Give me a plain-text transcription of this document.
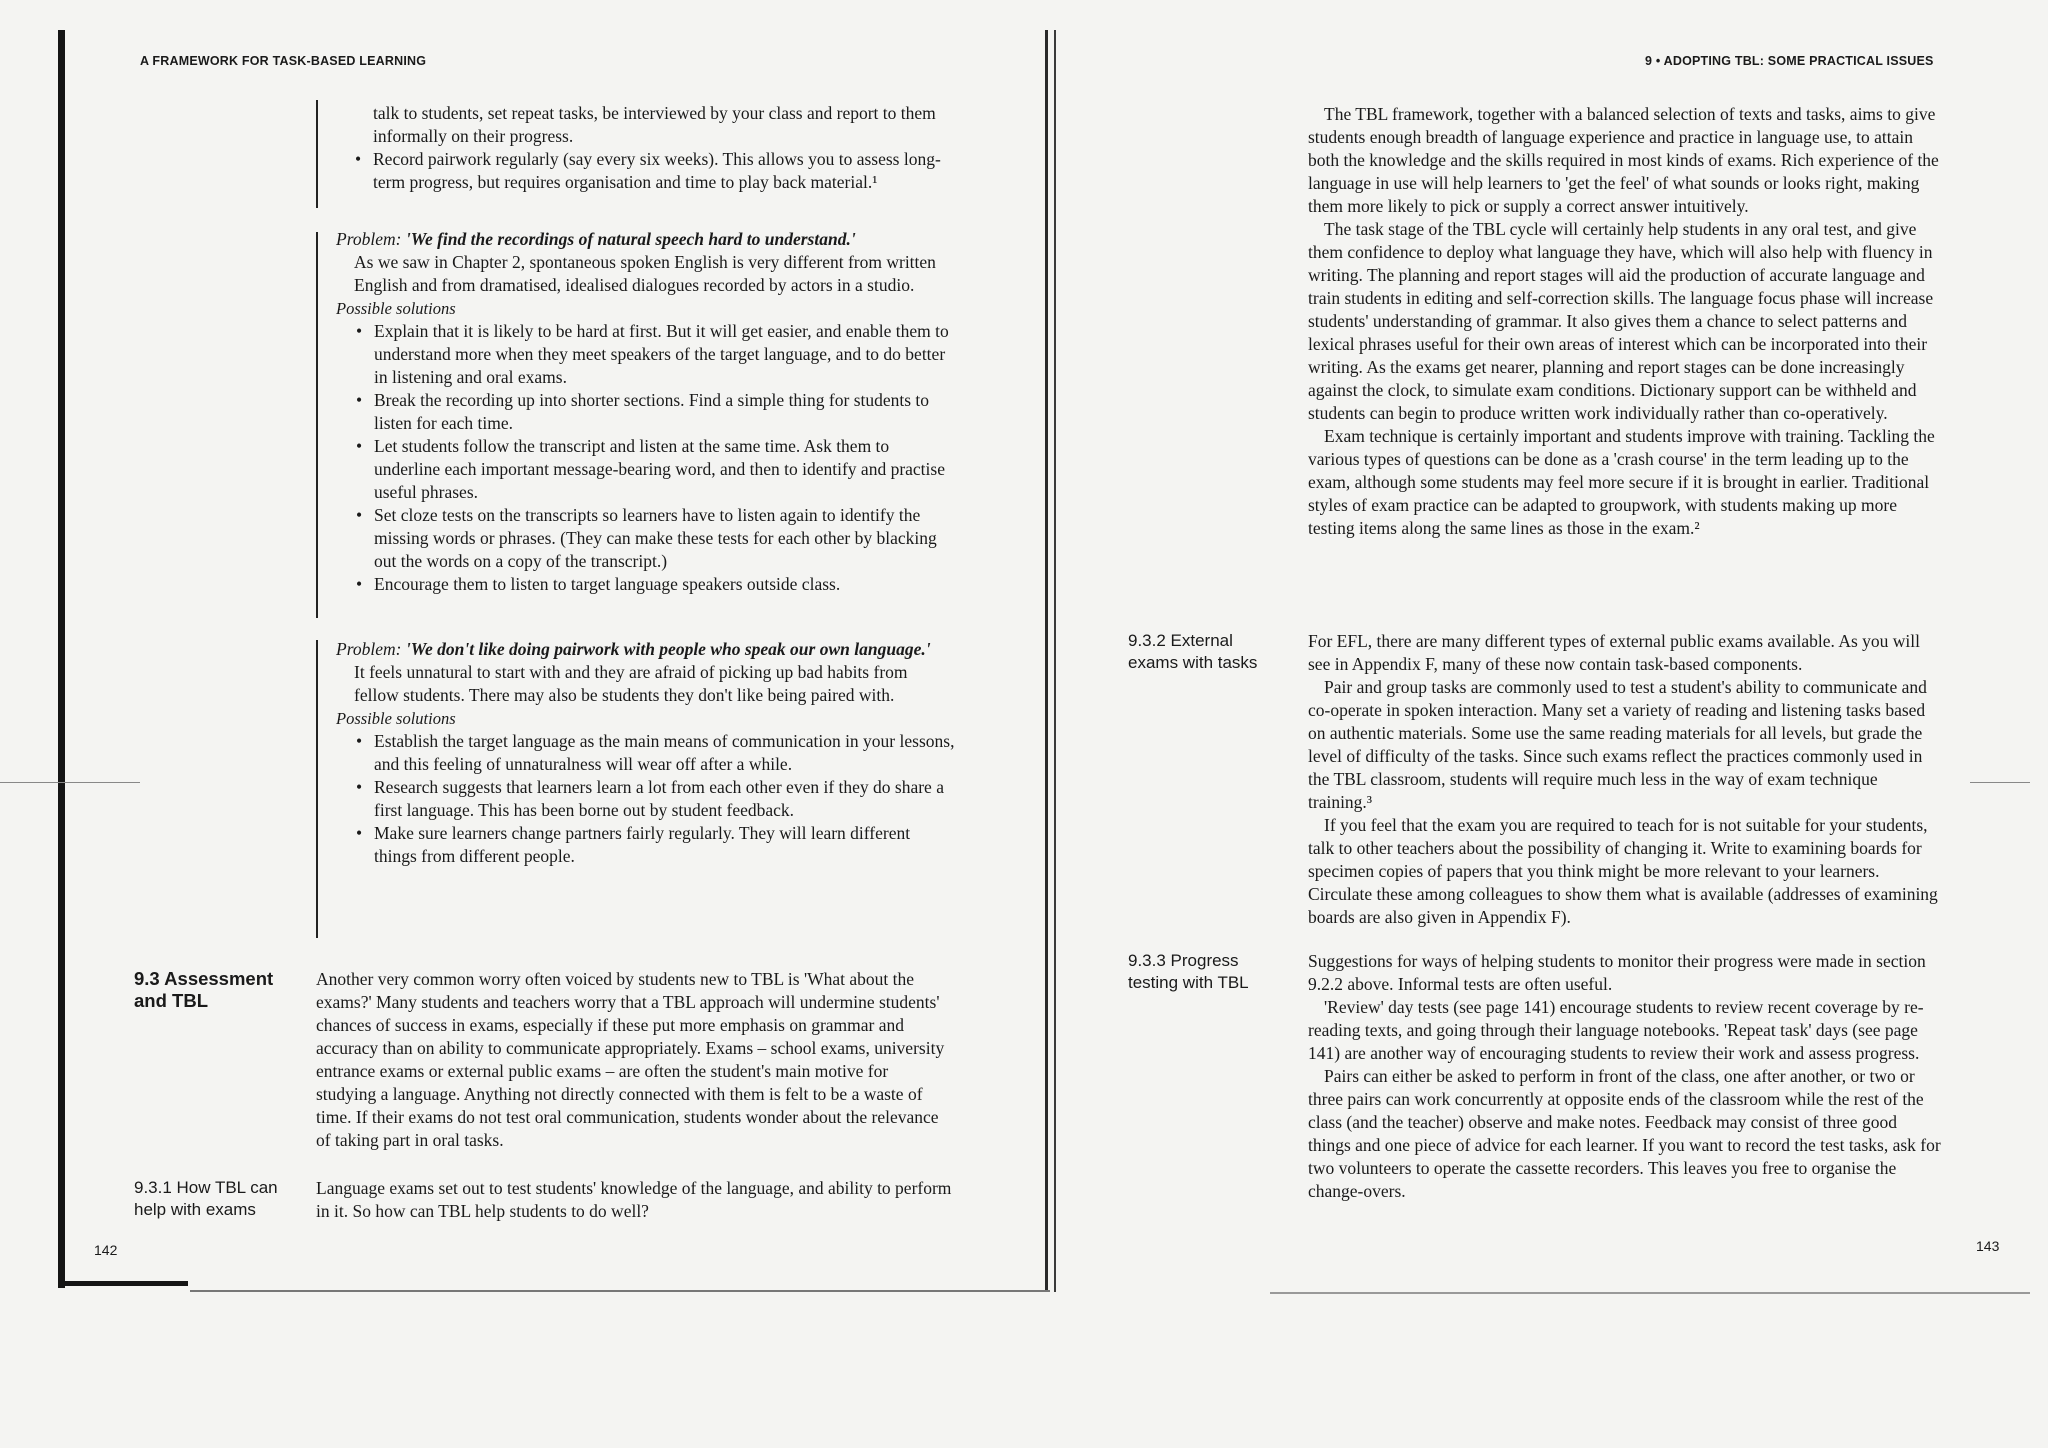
A FRAMEWORK FOR TASK-BASED LEARNING

talk to students, set repeat tasks, be interviewed by your class and report to them informally on their progress.

• Record pairwork regularly (say every six weeks). This allows you to assess long-term progress, but requires organisation and time to play back material.¹

Problem: 'We find the recordings of natural speech hard to understand.'

As we saw in Chapter 2, spontaneous spoken English is very different from written English and from dramatised, idealised dialogues recorded by actors in a studio.

Possible solutions

• Explain that it is likely to be hard at first. But it will get easier, and enable them to understand more when they meet speakers of the target language, and to do better in listening and oral exams.
• Break the recording up into shorter sections. Find a simple thing for students to listen for each time.
• Let students follow the transcript and listen at the same time. Ask them to underline each important message-bearing word, and then to identify and practise useful phrases.
• Set cloze tests on the transcripts so learners have to listen again to identify the missing words or phrases. (They can make these tests for each other by blacking out the words on a copy of the transcript.)
• Encourage them to listen to target language speakers outside class.

Problem: 'We don't like doing pairwork with people who speak our own language.'

It feels unnatural to start with and they are afraid of picking up bad habits from fellow students. There may also be students they don't like being paired with.

Possible solutions

• Establish the target language as the main means of communication in your lessons, and this feeling of unnaturalness will wear off after a while.
• Research suggests that learners learn a lot from each other even if they do share a first language. This has been borne out by student feedback.
• Make sure learners change partners fairly regularly. They will learn different things from different people.
9.3 Assessment and TBL
Another very common worry often voiced by students new to TBL is 'What about the exams?' Many students and teachers worry that a TBL approach will undermine students' chances of success in exams, especially if these put more emphasis on grammar and accuracy than on ability to communicate appropriately. Exams – school exams, university entrance exams or external public exams – are often the student's main motive for studying a language. Anything not directly connected with them is felt to be a waste of time. If their exams do not test oral communication, students wonder about the relevance of taking part in oral tasks.
9.3.1 How TBL can help with exams
Language exams set out to test students' knowledge of the language, and ability to perform in it. So how can TBL help students to do well?
142
9 • ADOPTING TBL: SOME PRACTICAL ISSUES

The TBL framework, together with a balanced selection of texts and tasks, aims to give students enough breadth of language experience and practice in language use, to attain both the knowledge and the skills required in most kinds of exams. Rich experience of the language in use will help learners to 'get the feel' of what sounds or looks right, making them more likely to pick or supply a correct answer intuitively.

The task stage of the TBL cycle will certainly help students in any oral test, and give them confidence to deploy what language they have, which will also help with fluency in writing. The planning and report stages will aid the production of accurate language and train students in editing and self-correction skills. The language focus phase will increase students' understanding of grammar. It also gives them a chance to select patterns and lexical phrases useful for their own areas of interest which can be incorporated into their writing. As the exams get nearer, planning and report stages can be done increasingly against the clock, to simulate exam conditions. Dictionary support can be withheld and students can begin to produce written work individually rather than co-operatively.

Exam technique is certainly important and students improve with training. Tackling the various types of questions can be done as a 'crash course' in the term leading up to the exam, although some students may feel more secure if it is brought in earlier. Traditional styles of exam practice can be adapted to groupwork, with students making up more testing items along the same lines as those in the exam.²

9.3.2 External exams with tasks

For EFL, there are many different types of external public exams available. As you will see in Appendix F, many of these now contain task-based components.

Pair and group tasks are commonly used to test a student's ability to communicate and co-operate in spoken interaction. Many set a variety of reading and listening tasks based on authentic materials. Some use the same reading materials for all levels, but grade the level of difficulty of the tasks. Since such exams reflect the practices commonly used in the TBL classroom, students will require much less in the way of exam technique training.³

If you feel that the exam you are required to teach for is not suitable for your students, talk to other teachers about the possibility of changing it. Write to examining boards for specimen copies of papers that you think might be more relevant to your learners. Circulate these among colleagues to show them what is available (addresses of examining boards are also given in Appendix F).

9.3.3 Progress testing with TBL

Suggestions for ways of helping students to monitor their progress were made in section 9.2.2 above. Informal tests are often useful.

'Review' day tests (see page 141) encourage students to review recent coverage by re-reading texts, and going through their language notebooks. 'Repeat task' days (see page 141) are another way of encouraging students to review their work and assess progress.

Pairs can either be asked to perform in front of the class, one after another, or two or three pairs can work concurrently at opposite ends of the classroom while the rest of the class (and the teacher) observe and make notes. Feedback may consist of three good things and one piece of advice for each learner. If you want to record the test tasks, ask for two volunteers to operate the cassette recorders. This leaves you free to organise the change-overs.

143
